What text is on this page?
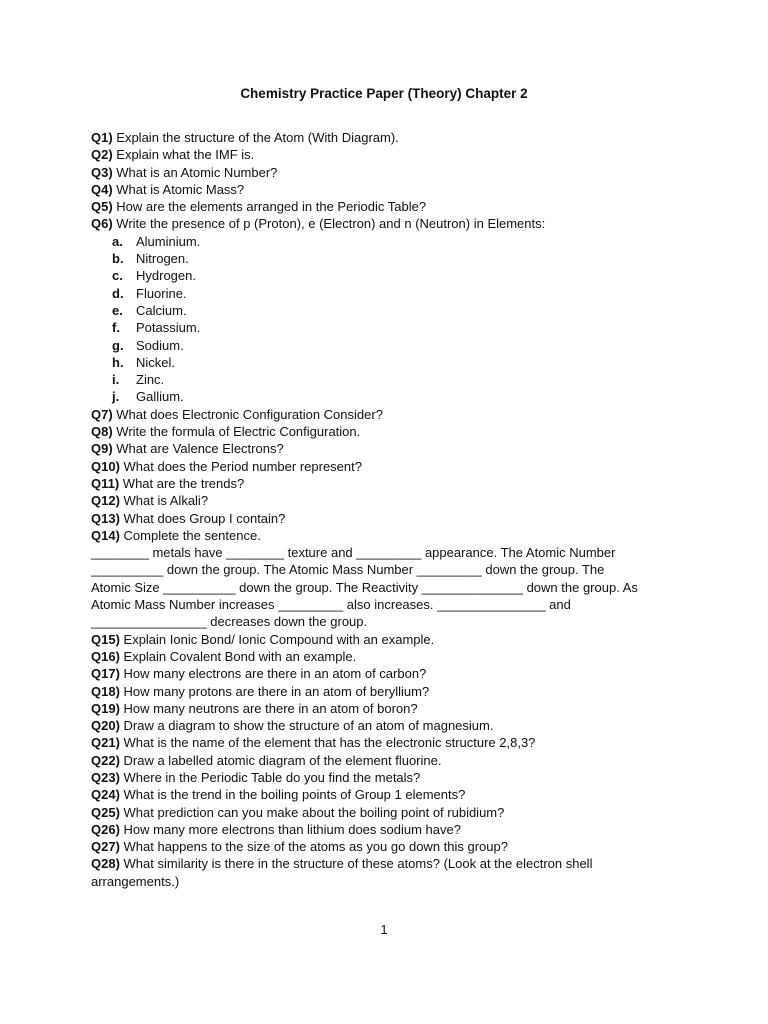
Chemistry Practice Paper (Theory) Chapter 2
Q1) Explain the structure of the Atom (With Diagram).
Q2) Explain what the IMF is.
Q3) What is an Atomic Number?
Q4) What is Atomic Mass?
Q5) How are the elements arranged in the Periodic Table?
Q6) Write the presence of p (Proton), e (Electron) and n (Neutron) in Elements:
a. Aluminium.
b. Nitrogen.
c. Hydrogen.
d. Fluorine.
e. Calcium.
f. Potassium.
g. Sodium.
h. Nickel.
i. Zinc.
j. Gallium.
Q7) What does Electronic Configuration Consider?
Q8) Write the formula of Electric Configuration.
Q9) What are Valence Electrons?
Q10) What does the Period number represent?
Q11) What are the trends?
Q12) What is Alkali?
Q13) What does Group I contain?
Q14) Complete the sentence.
________ metals have ________ texture and _________ appearance. The Atomic Number
__________ down the group. The Atomic Mass Number _________ down the group. The
Atomic Size __________ down the group. The Reactivity ______________ down the group. As
Atomic Mass Number increases _________ also increases. _______________ and
________________ decreases down the group.
Q15) Explain Ionic Bond/ Ionic Compound with an example.
Q16) Explain Covalent Bond with an example.
Q17) How many electrons are there in an atom of carbon?
Q18) How many protons are there in an atom of beryllium?
Q19) How many neutrons are there in an atom of boron?
Q20) Draw a diagram to show the structure of an atom of magnesium.
Q21) What is the name of the element that has the electronic structure 2,8,3?
Q22) Draw a labelled atomic diagram of the element fluorine.
Q23) Where in the Periodic Table do you find the metals?
Q24) What is the trend in the boiling points of Group 1 elements?
Q25) What prediction can you make about the boiling point of rubidium?
Q26) How many more electrons than lithium does sodium have?
Q27) What happens to the size of the atoms as you go down this group?
Q28) What similarity is there in the structure of these atoms? (Look at the electron shell
arrangements.)
1
